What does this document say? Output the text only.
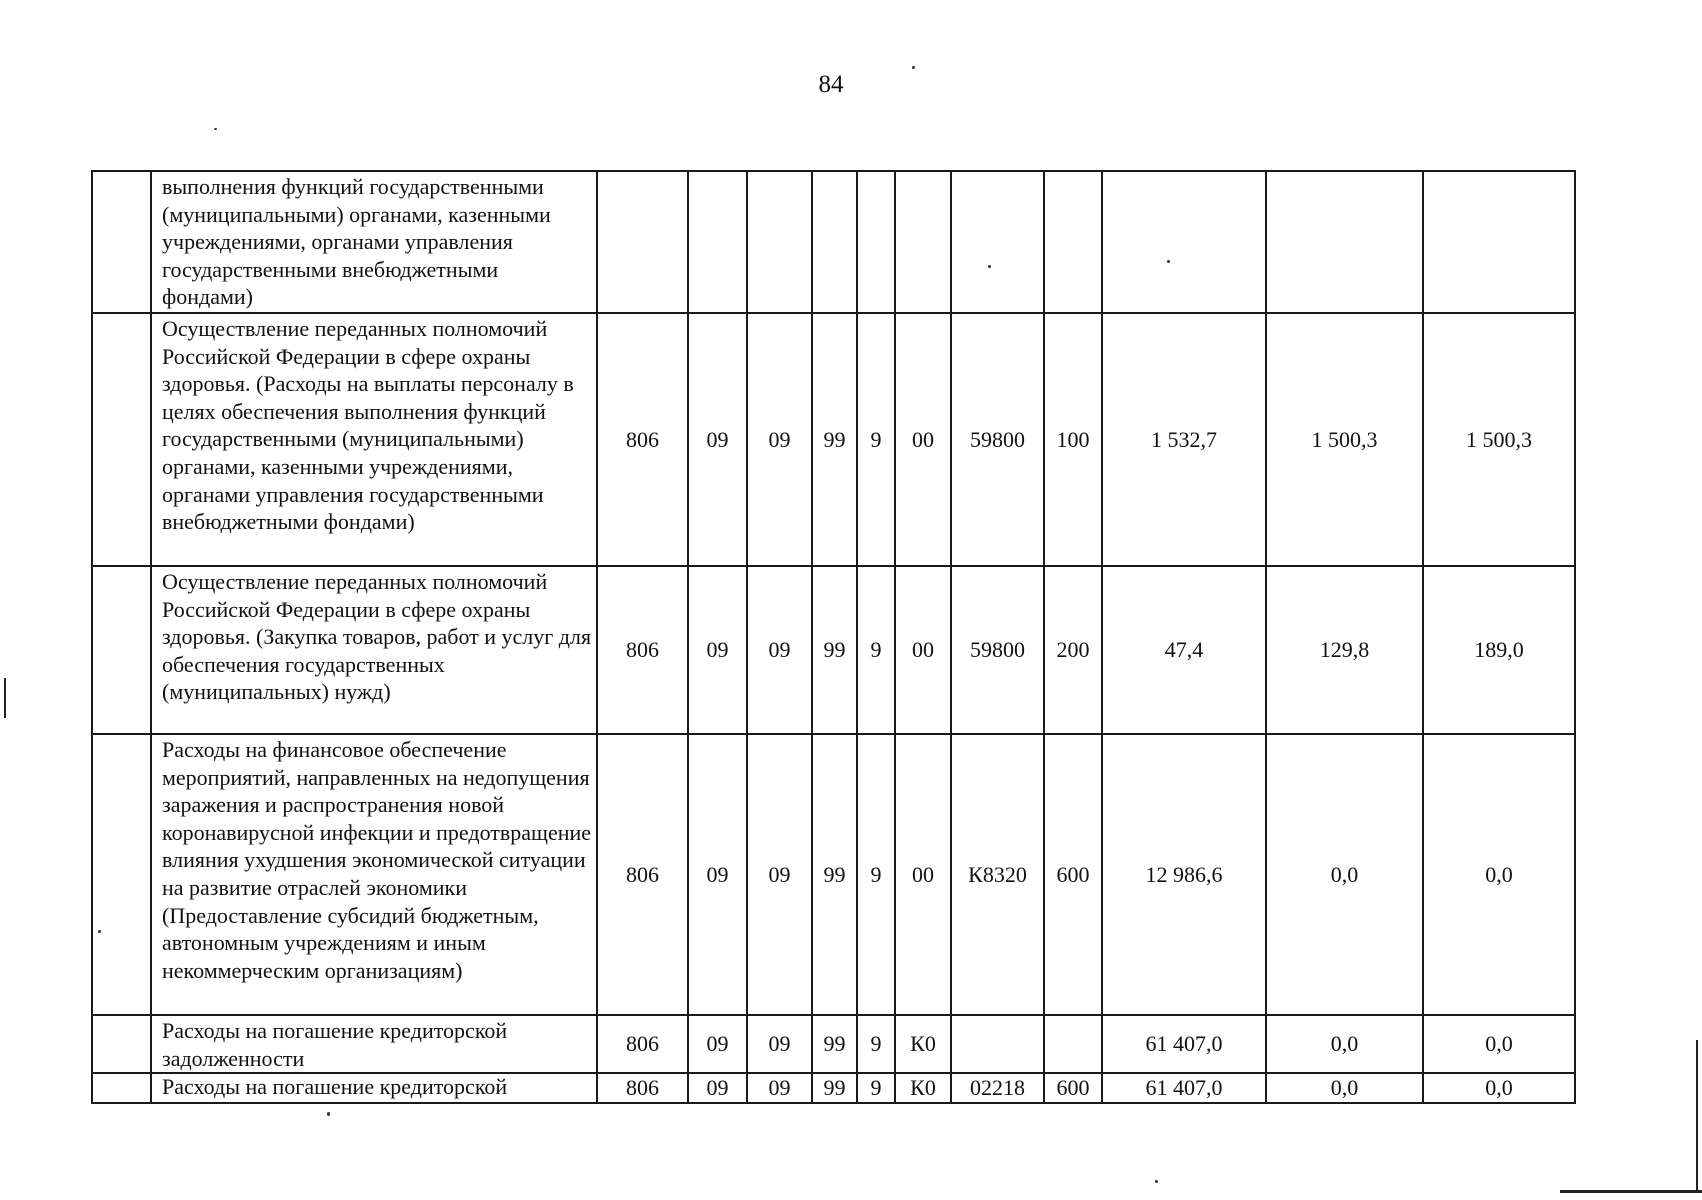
84
	выполнения функций государственными (муниципальными) органами, казенными учреждениями, органами управления государственными внебюджетными фондами)											
	Осуществление переданных полномочий Российской Федерации в сфере охраны здоровья. (Расходы на выплаты персоналу в целях обеспечения выполнения функций государственными (муниципальными) органами, казенными учреждениями, органами управления государственными внебюджетными фондами)	806	09	09	99	9	00	59800	100	1 532,7	1 500,3	1 500,3
	Осуществление переданных полномочий Российской Федерации в сфере охраны здоровья. (Закупка товаров, работ и услуг для обеспечения государственных (муниципальных) нужд)	806	09	09	99	9	00	59800	200	47,4	129,8	189,0
	Расходы на финансовое обеспечение мероприятий, направленных на недопущения заражения и распространения новой коронавирусной инфекции и предотвращение влияния ухудшения экономической ситуации на развитие отраслей экономики (Предоставление субсидий бюджетным, автономным учреждениям и иным некоммерческим организациям)	806	09	09	99	9	00	К8320	600	12 986,6	0,0	0,0
	Расходы на погашение кредиторской задолженности	806	09	09	99	9	К0			61 407,0	0,0	0,0
	Расходы на погашение кредиторской	806	09	09	99	9	К0	02218	600	61 407,0	0,0	0,0
